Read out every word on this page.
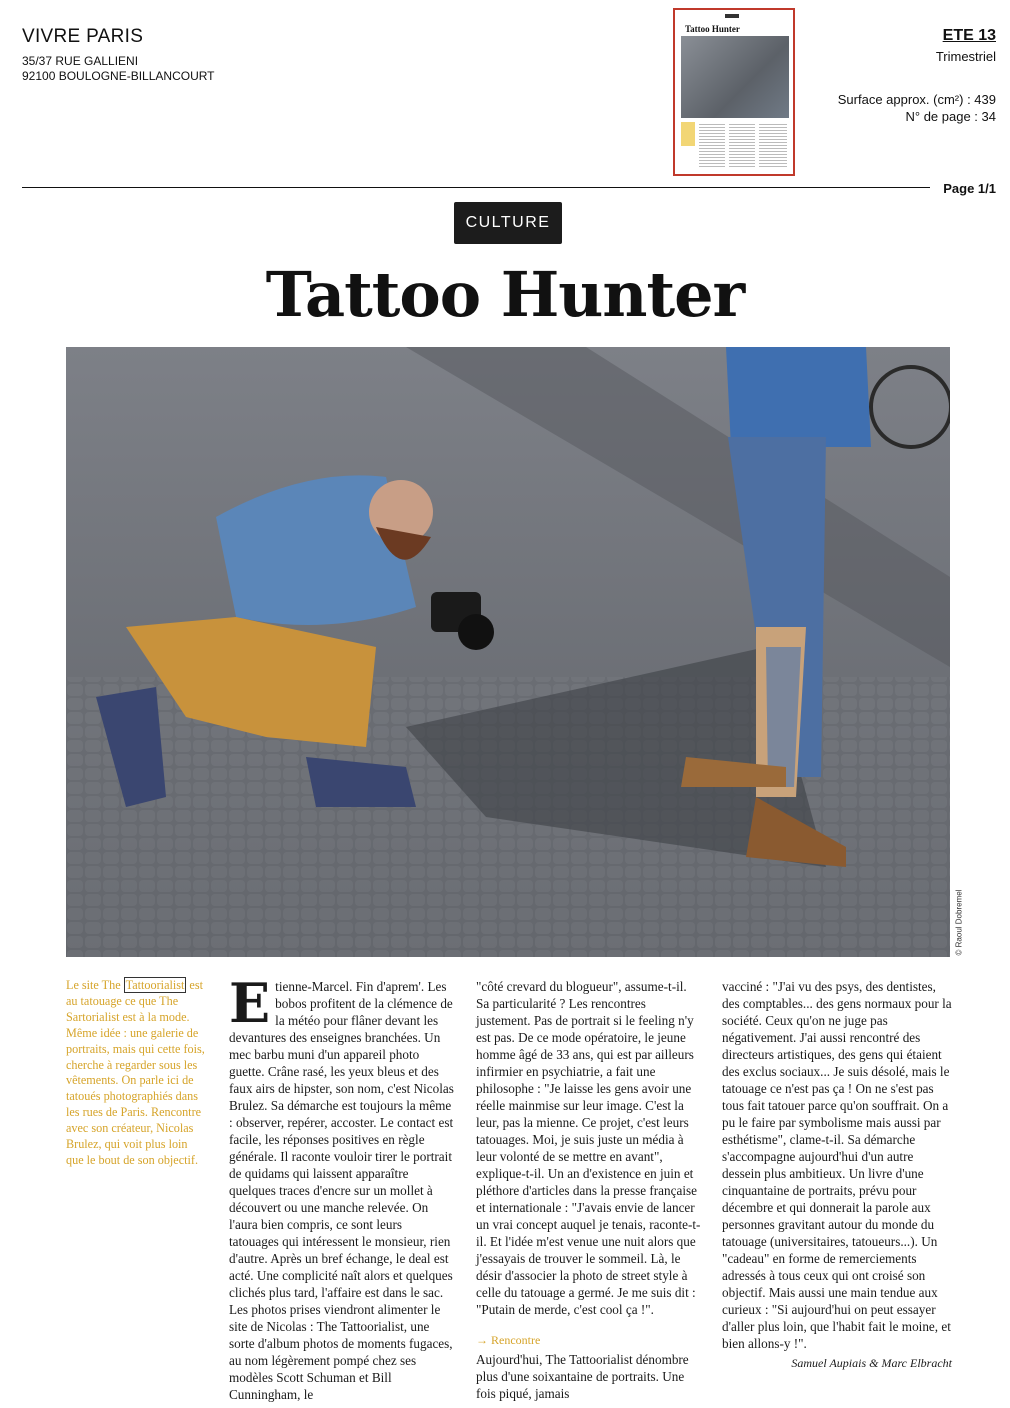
VIVRE PARIS
35/37 RUE GALLIENI
92100 BOULOGNE-BILLANCOURT
Tattoo Hunter	ETE 13
Trimestriel
Surface approx. (cm²) : 439
N° de page : 34
Page 1/1
CULTURE
Tattoo Hunter
© Raoul Dobremel
Le site The Tattoorialist est au tatouage ce que The Sartorialist est à la mode. Même idée : une galerie de portraits, mais qui cette fois, cherche à regarder sous les vêtements. On parle ici de tatoués photographiés dans les rues de Paris. Rencontre avec son créateur, Nicolas Brulez, qui voit plus loin que le bout de son objectif.
E tienne-Marcel. Fin d'aprem'. Les bobos profitent de la clémence de la météo pour flâner devant les devantures des enseignes branchées. Un mec barbu muni d'un appareil photo guette. Crâne rasé, les yeux bleus et des faux airs de hipster, son nom, c'est Nicolas Brulez. Sa démarche est toujours la même : observer, repérer, accoster. Le contact est facile, les réponses positives en règle générale. Il raconte vouloir tirer le portrait de quidams qui laissent apparaître quelques traces d'encre sur un mollet à découvert ou une manche relevée. On l'aura bien compris, ce sont leurs tatouages qui intéressent le monsieur, rien d'autre. Après un bref échange, le deal est acté. Une complicité naît alors et quelques clichés plus tard, l'affaire est dans le sac. Les photos prises viendront alimenter le site de Nicolas : The Tattoorialist, une sorte d'album photos de moments fugaces, au nom légèrement pompé chez ses modèles Scott Schuman et Bill Cunningham, le

"côté crevard du blogueur", assume-t-il. Sa particularité ? Les rencontres justement. Pas de portrait si le feeling n'y est pas. De ce mode opératoire, le jeune homme âgé de 33 ans, qui est par ailleurs infirmier en psychiatrie, a fait une philosophe : "Je laisse les gens avoir une réelle mainmise sur leur image. C'est la leur, pas la mienne. Ce projet, c'est leurs tatouages. Moi, je suis juste un média à leur volonté de se mettre en avant", explique-t-il. Un an d'existence en juin et pléthore d'articles dans la presse française et internationale : "J'avais envie de lancer un vrai concept auquel je tenais, raconte-t-il. Et l'idée m'est venue une nuit alors que j'essayais de trouver le sommeil. Là, le désir d'associer la photo de street style à celle du tatouage a germé. Je me suis dit : "Putain de merde, c'est cool ça !".

→ Rencontre

Aujourd'hui, The Tattoorialist dénombre plus d'une soixantaine de portraits. Une fois piqué, jamais

vacciné : "J'ai vu des psys, des dentistes, des comptables... des gens normaux pour la société. Ceux qu'on ne juge pas négativement. J'ai aussi rencontré des directeurs artistiques, des gens qui étaient des exclus sociaux... Je suis désolé, mais le tatouage ce n'est pas ça ! On ne s'est pas tous fait tatouer parce qu'on souffrait. On a pu le faire par symbolisme mais aussi par esthétisme", clame-t-il. Sa démarche s'accompagne aujourd'hui d'un autre dessein plus ambitieux. Un livre d'une cinquantaine de portraits, prévu pour décembre et qui donnerait la parole aux personnes gravitant autour du monde du tatouage (universitaires, tatoueurs...). Un "cadeau" en forme de remerciements adressés à tous ceux qui ont croisé son objectif. Mais aussi une main tendue aux curieux : "Si aujourd'hui on peut essayer d'aller plus loin, que l'habit fait le moine, et bien allons-y !".

Samuel Aupiais & Marc Elbracht
